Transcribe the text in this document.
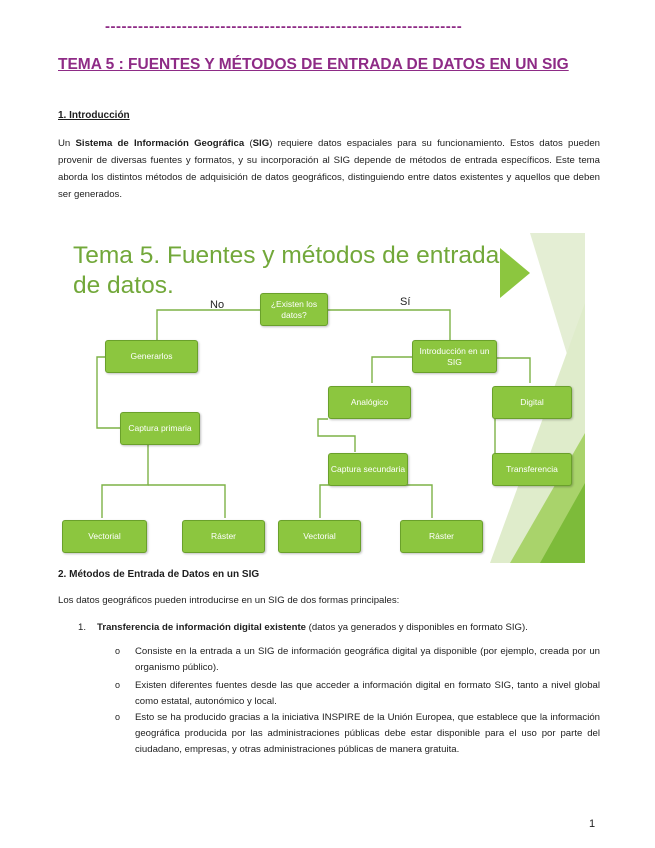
-----------------------------------------------------------------
TEMA 5 : FUENTES Y MÉTODOS DE ENTRADA DE DATOS EN UN SIG
1. Introducción

Un Sistema de Información Geográfica (SIG) requiere datos espaciales para su funcionamiento. Estos datos pueden provenir de diversas fuentes y formatos, y su incorporación al SIG depende de métodos de entrada específicos. Este tema aborda los distintos métodos de adquisición de datos geográficos, distinguiendo entre datos existentes y aquellos que deben ser generados.

Tema 5. Fuentes y métodos de entrada
de datos.
No	Sí
¿Existen los datos?
Generarlos
Introducción en un SIG
Captura primaria
Analógico	Digital
Captura secundaria	Transferencia
Vectorial	Ráster	Vectorial	Ráster
2. Métodos de Entrada de Datos en un SIG

Los datos geográficos pueden introducirse en un SIG de dos formas principales:

1. Transferencia de información digital existente (datos ya generados y disponibles en formato SIG).

o Consiste en la entrada a un SIG de información geográfica digital ya disponible (por ejemplo, creada por un organismo público).

o Existen diferentes fuentes desde las que acceder a información digital en formato SIG, tanto a nivel global como estatal, autonómico y local.

o Esto se ha producido gracias a la iniciativa INSPIRE de la Unión Europea, que establece que la información geográfica producida por las administraciones públicas debe estar disponible para el uso por parte del ciudadano, empresas, y otras administraciones públicas de manera gratuita.

1
